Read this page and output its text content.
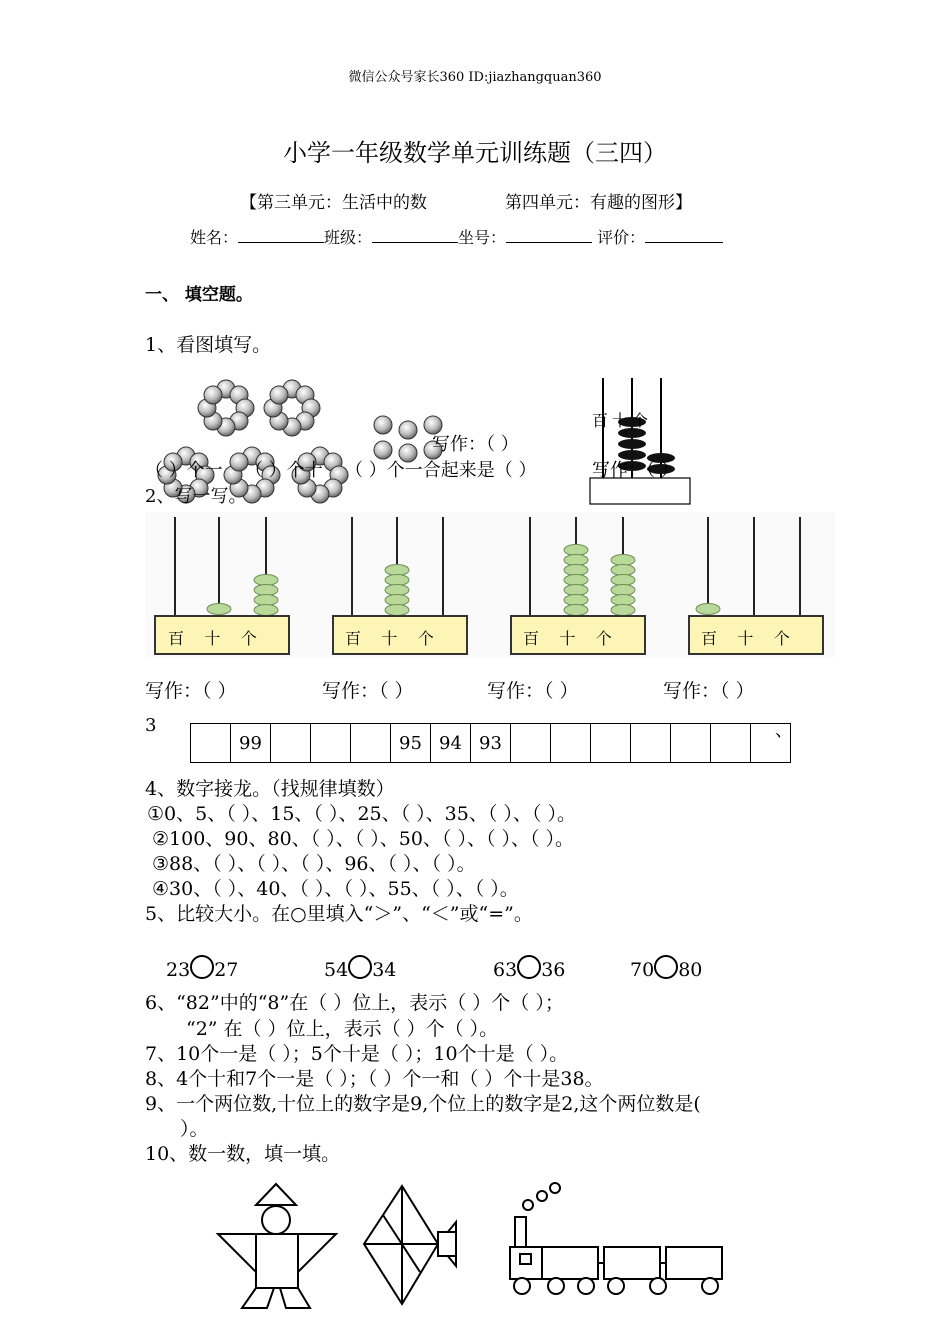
微信公众号家长360 ID:jiazhangquan360
小学一年级数学单元训练题（三四）
【第三单元：生活中的数	第四单元：有趣的图形】
姓名：	班级：	坐号：	评价：
一、 填空题。
1、看图填写。
百十个
写作：（ ）
（ ）个一 （ ）个十 （ ）个一合起来是（ ）	写作：（ ）
2、写一写。
百 十 个	百 十 个	百 十 个	百 十 个
写作：（ ）	写作：（ ）	写作：（ ）	写作：（ ）
3
	99				95	94	93							
、
4、数字接龙。（找规律填数）
①0、5、（ ）、15、（ ）、25、（ ）、35、（ ）、（ ）。
②100、90、80、（ ）、（ ）、50、（ ）、（ ）、（ ）。
③88、（ ）、（ ）、（ ）、96、（ ）、（ ）。
④30、（ ）、40、（ ）、（ ）、55、（ ）、（ ）。
5、比较大小。在○里填入“＞”、“＜”或“=”。
23 27	54 34	63 36	70 80
6、“82”中的“8”在（ ）位上，表示（ ）个（ ）；
“2” 在（ ）位上，表示（ ）个（ ）。
7、10个一是（ ）；5个十是（ ）；10个十是（ ）。
8、4个十和7个一是（ ）；（ ）个一和（ ）个十是38。
9、一个两位数,十位上的数字是9,个位上的数字是2,这个两位数是(
）。
10、数一数，填一填。
